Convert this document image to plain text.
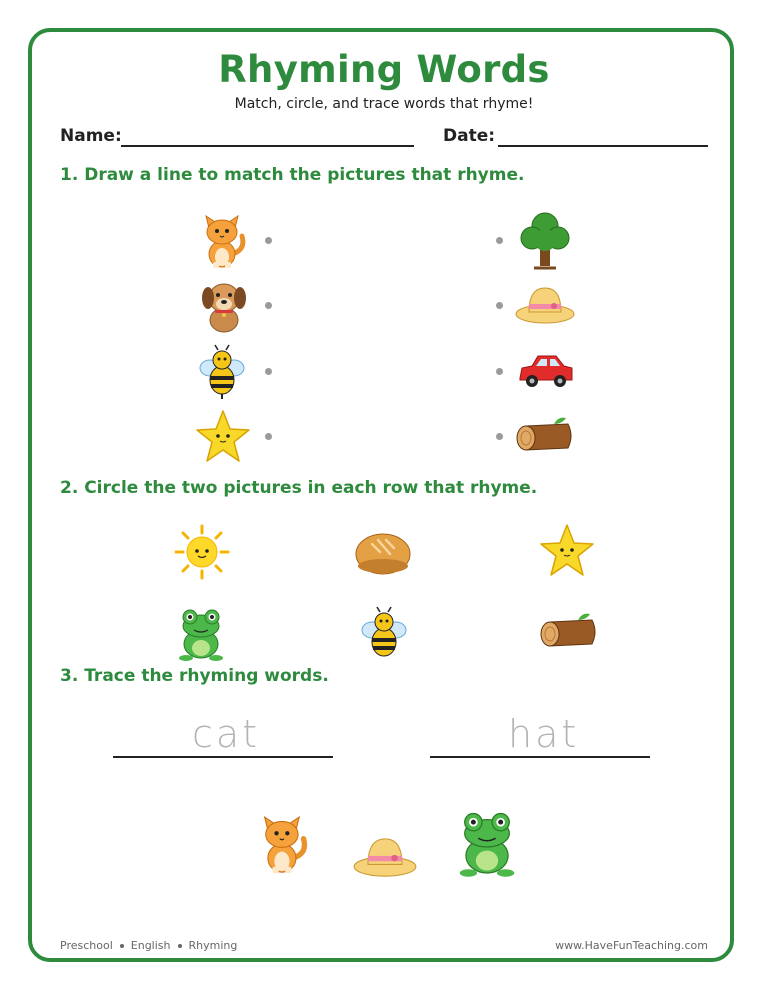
Rhyming Words
Match, circle, and trace words that rhyme!
Name:	Date:
1. Draw a line to match the pictures that rhyme.
2. Circle the two pictures in each row that rhyme.
3. Trace the rhyming words.
cat	hat
Preschool English Rhyming	www.HaveFunTeaching.com
